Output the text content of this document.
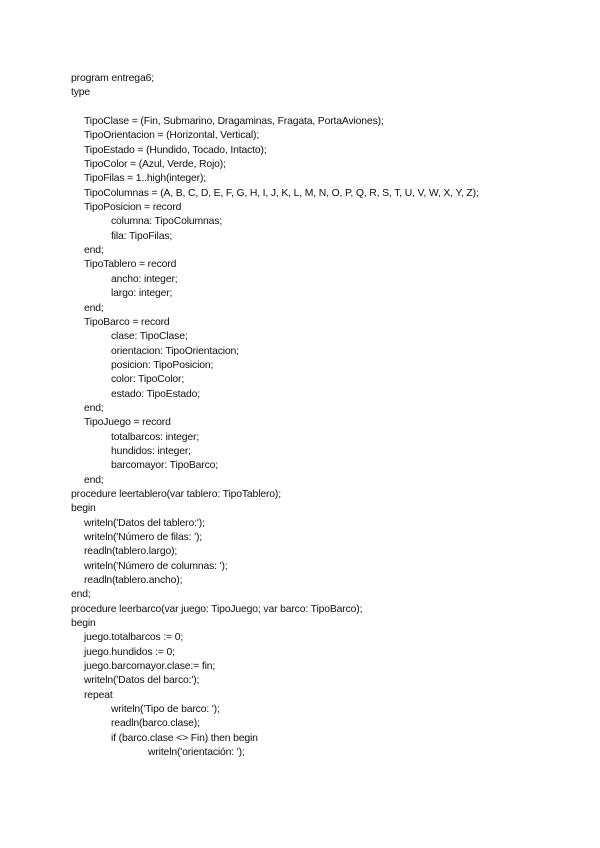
program entrega6;
type
TipoClase = (Fin, Submarino, Dragaminas, Fragata, PortaAviones);
TipoOrientacion = (Horizontal, Vertical);
TipoEstado = (Hundido, Tocado, Intacto);
TipoColor = (Azul, Verde, Rojo);
TipoFilas = 1..high(integer);
TipoColumnas = (A, B, C, D, E, F, G, H, I, J, K, L, M, N, O, P, Q, R, S, T, U, V, W, X, Y, Z);
TipoPosicion = record
columna: TipoColumnas;
fila: TipoFilas;
end;
TipoTablero = record
ancho: integer;
largo: integer;
end;
TipoBarco = record
clase: TipoClase;
orientacion: TipoOrientacion;
posicion: TipoPosicion;
color: TipoColor;
estado: TipoEstado;
end;
TipoJuego = record
totalbarcos: integer;
hundidos: integer;
barcomayor: TipoBarco;
end;
procedure leertablero(var tablero: TipoTablero);
begin
writeln('Datos del tablero:');
writeln('Número de filas: ');
readln(tablero.largo);
writeln('Número de columnas: ');
readln(tablero.ancho);
end;
procedure leerbarco(var juego: TipoJuego; var barco: TipoBarco);
begin
juego.totalbarcos := 0;
juego.hundidos := 0;
juego.barcomayor.clase:= fin;
writeln('Datos del barco:');
repeat
writeln('Tipo de barco: ');
readln(barco.clase);
if (barco.clase <> Fin) then begin
writeln('orientación: ');
